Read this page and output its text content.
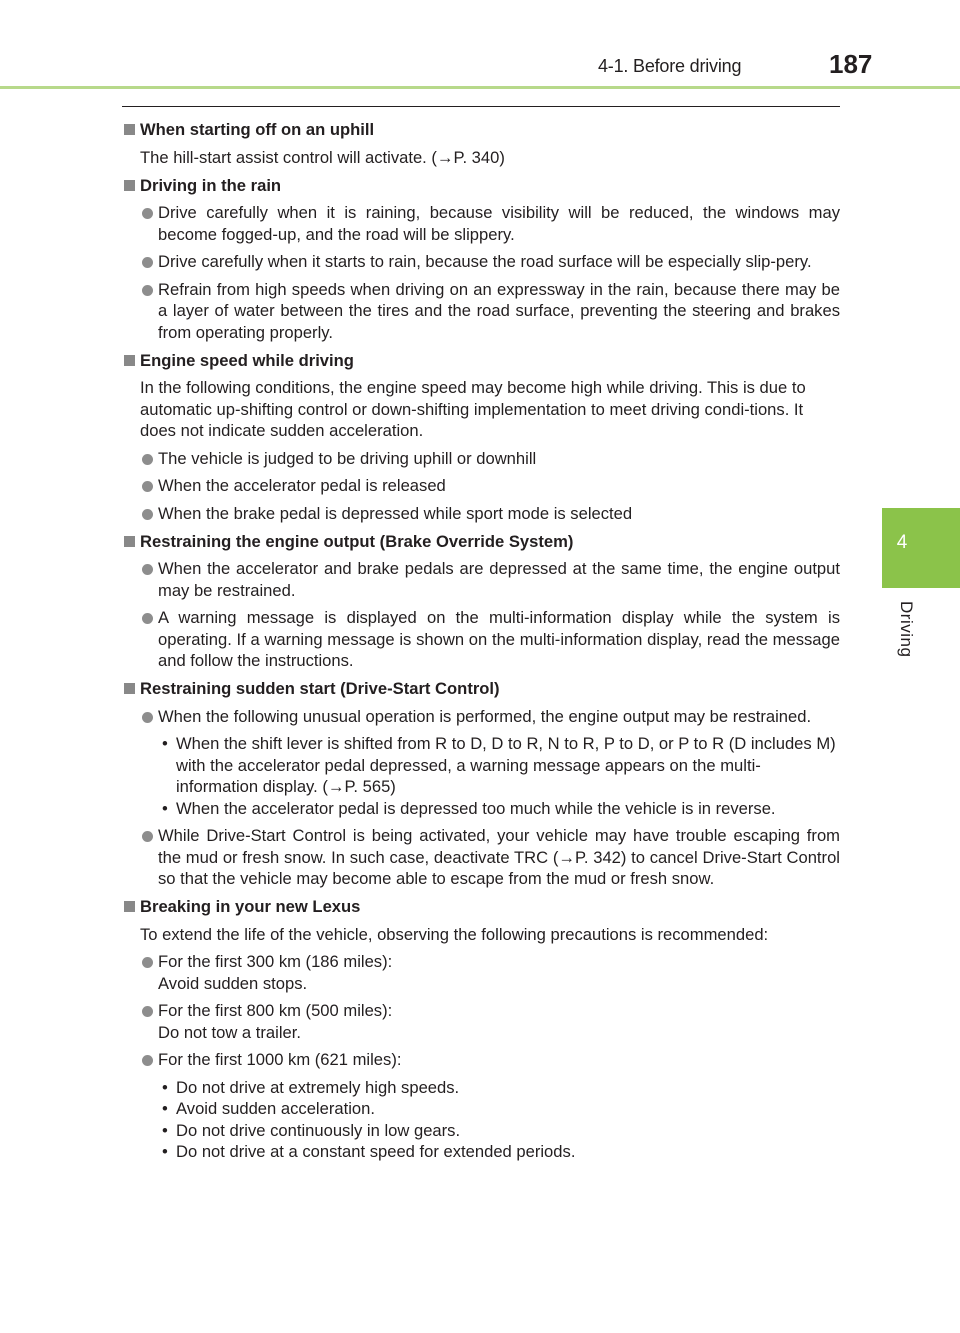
4-1. Before driving	187
4
Driving
When starting off on an uphill
The hill-start assist control will activate. (→P. 340)
Driving in the rain
Drive carefully when it is raining, because visibility will be reduced, the windows may become fogged-up, and the road will be slippery.
Drive carefully when it starts to rain, because the road surface will be especially slip-pery.
Refrain from high speeds when driving on an expressway in the rain, because there may be a layer of water between the tires and the road surface, preventing the steering and brakes from operating properly.
Engine speed while driving
In the following conditions, the engine speed may become high while driving. This is due to automatic up-shifting control or down-shifting implementation to meet driving condi-tions. It does not indicate sudden acceleration.
The vehicle is judged to be driving uphill or downhill
When the accelerator pedal is released
When the brake pedal is depressed while sport mode is selected
Restraining the engine output (Brake Override System)
When the accelerator and brake pedals are depressed at the same time, the engine output may be restrained.
A warning message is displayed on the multi-information display while the system is operating. If a warning message is shown on the multi-information display, read the message and follow the instructions.
Restraining sudden start (Drive-Start Control)
When the following unusual operation is performed, the engine output may be restrained.
• When the shift lever is shifted from R to D, D to R, N to R, P to D, or P to R (D includes M) with the accelerator pedal depressed, a warning message appears on the multi-information display. (→P. 565)
• When the accelerator pedal is depressed too much while the vehicle is in reverse.
While Drive-Start Control is being activated, your vehicle may have trouble escaping from the mud or fresh snow. In such case, deactivate TRC (→P. 342) to cancel Drive-Start Control so that the vehicle may become able to escape from the mud or fresh snow.
Breaking in your new Lexus
To extend the life of the vehicle, observing the following precautions is recommended:
For the first 300 km (186 miles):
Avoid sudden stops.
For the first 800 km (500 miles):
Do not tow a trailer.
For the first 1000 km (621 miles):
• Do not drive at extremely high speeds.
• Avoid sudden acceleration.
• Do not drive continuously in low gears.
• Do not drive at a constant speed for extended periods.
